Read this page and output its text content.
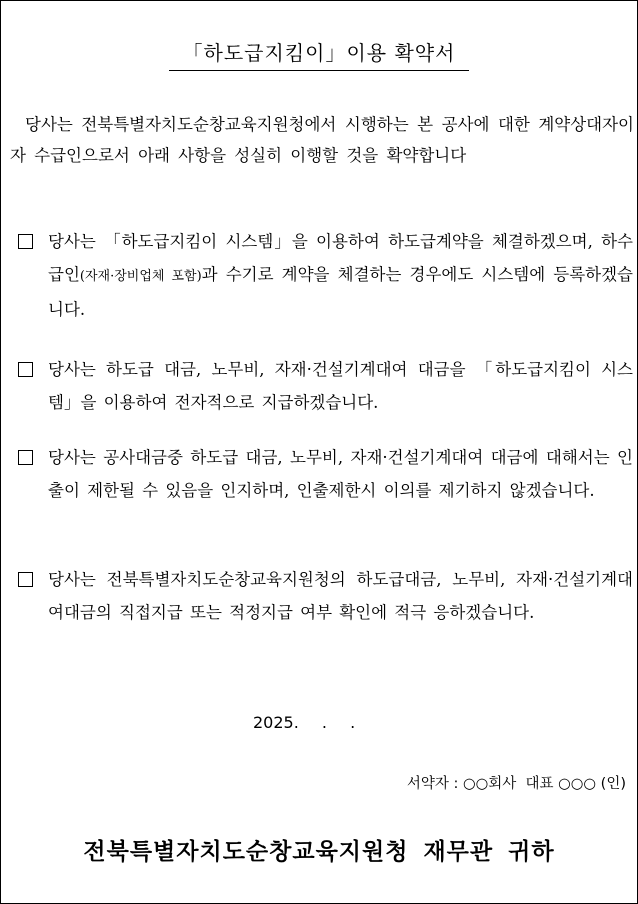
「하도급지킴이」이용 확약서
당사는 전북특별자치도순창교육지원청에서 시행하는 본 공사에 대한 계약상대자이자 수급인으로서 아래 사항을 성실히 이행할 것을 확약합니다
당사는 「하도급지킴이 시스템」을 이용하여 하도급계약을 체결하겠으며, 하수급인(자재·장비업체 포함)과 수기로 계약을 체결하는 경우에도 시스템에 등록하겠습니다.
당사는 하도급 대금, 노무비, 자재·건설기계대여 대금을 「하도급지킴이 시스템」을 이용하여 전자적으로 지급하겠습니다.
당사는 공사대금중 하도급 대금, 노무비, 자재·건설기계대여 대금에 대해서는 인출이 제한될 수 있음을 인지하며, 인출제한시 이의를 제기하지 않겠습니다.
당사는 전북특별자치도순창교육지원청의 하도급대금, 노무비, 자재·건설기계대여대금의 직접지급 또는 적정지급 여부 확인에 적극 응하겠습니다.
2025. . .
서약자 : ○○회사  대표 ○○○ (인)
전북특별자치도순창교육지원청 재무관 귀하
